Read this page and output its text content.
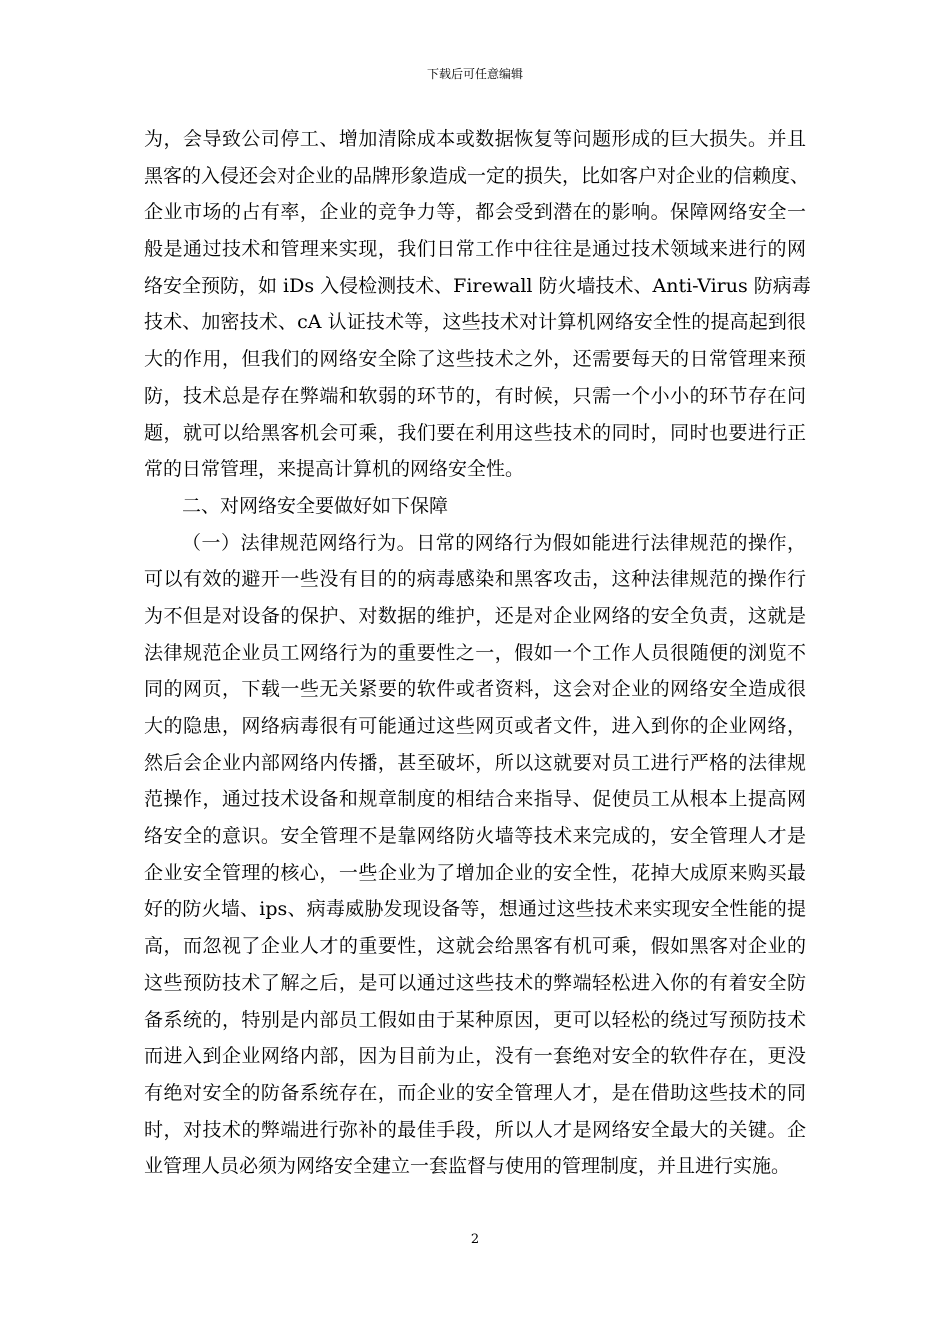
下载后可任意编辑
为，会导致公司停工、增加清除成本或数据恢复等问题形成的巨大损失。并且
黑客的入侵还会对企业的品牌形象造成一定的损失，比如客户对企业的信赖度、
企业市场的占有率，企业的竞争力等，都会受到潜在的影响。保障网络安全一
般是通过技术和管理来实现，我们日常工作中往往是通过技术领域来进行的网
络安全预防，如 iDs 入侵检测技术、Firewall 防火墙技术、Anti-Virus 防病毒
技术、加密技术、cA 认证技术等，这些技术对计算机网络安全性的提高起到很
大的作用，但我们的网络安全除了这些技术之外，还需要每天的日常管理来预
防，技术总是存在弊端和软弱的环节的，有时候，只需一个小小的环节存在问
题，就可以给黑客机会可乘，我们要在利用这些技术的同时，同时也要进行正
常的日常管理，来提高计算机的网络安全性。
二、对网络安全要做好如下保障
（一）法律规范网络行为。日常的网络行为假如能进行法律规范的操作，
可以有效的避开一些没有目的的病毒感染和黑客攻击，这种法律规范的操作行
为不但是对设备的保护、对数据的维护，还是对企业网络的安全负责，这就是
法律规范企业员工网络行为的重要性之一，假如一个工作人员很随便的浏览不
同的网页，下载一些无关紧要的软件或者资料，这会对企业的网络安全造成很
大的隐患，网络病毒很有可能通过这些网页或者文件，进入到你的企业网络，
然后会企业内部网络内传播，甚至破坏，所以这就要对员工进行严格的法律规
范操作，通过技术设备和规章制度的相结合来指导、促使员工从根本上提高网
络安全的意识。安全管理不是靠网络防火墙等技术来完成的，安全管理人才是
企业安全管理的核心，一些企业为了增加企业的安全性，花掉大成原来购买最
好的防火墙、ips、病毒威胁发现设备等，想通过这些技术来实现安全性能的提
高，而忽视了企业人才的重要性，这就会给黑客有机可乘，假如黑客对企业的
这些预防技术了解之后，是可以通过这些技术的弊端轻松进入你的有着安全防
备系统的，特别是内部员工假如由于某种原因，更可以轻松的绕过写预防技术
而进入到企业网络内部，因为目前为止，没有一套绝对安全的软件存在，更没
有绝对安全的防备系统存在，而企业的安全管理人才，是在借助这些技术的同
时，对技术的弊端进行弥补的最佳手段，所以人才是网络安全最大的关键。企
业管理人员必须为网络安全建立一套监督与使用的管理制度，并且进行实施。
2
